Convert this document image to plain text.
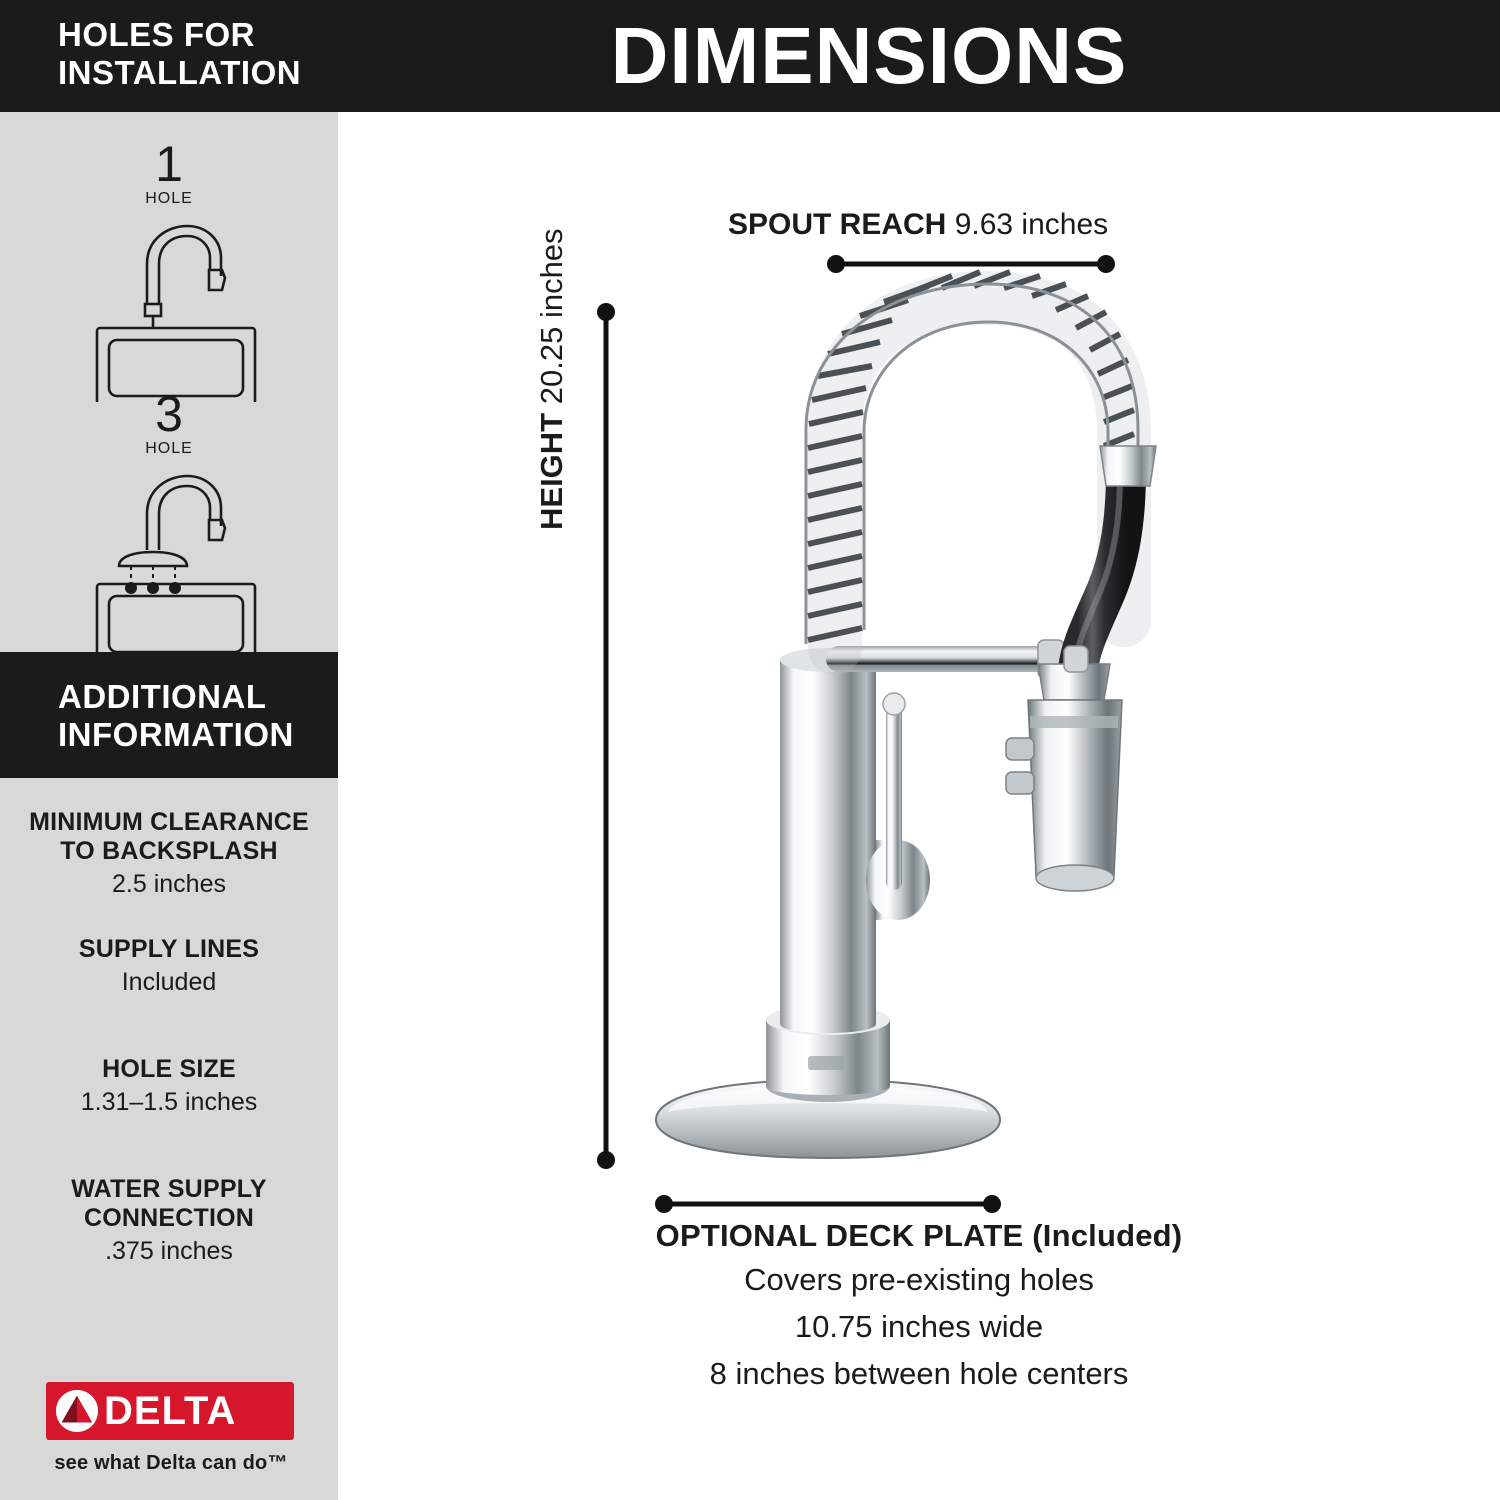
HOLES FOR
INSTALLATION
1
HOLE
3
HOLE
ADDITIONAL
INFORMATION
MINIMUM CLEARANCE
TO BACKSPLASH
2.5 inches
SUPPLY LINES
Included
HOLE SIZE
1.31–1.5 inches
WATER SUPPLY
CONNECTION
.375 inches
DELTA
see what Delta can do™
DIMENSIONS
SPOUT REACH 9.63 inches
HEIGHT 20.25 inches
OPTIONAL DECK PLATE (Included)
Covers pre-existing holes
10.75 inches wide
8 inches between hole centers
